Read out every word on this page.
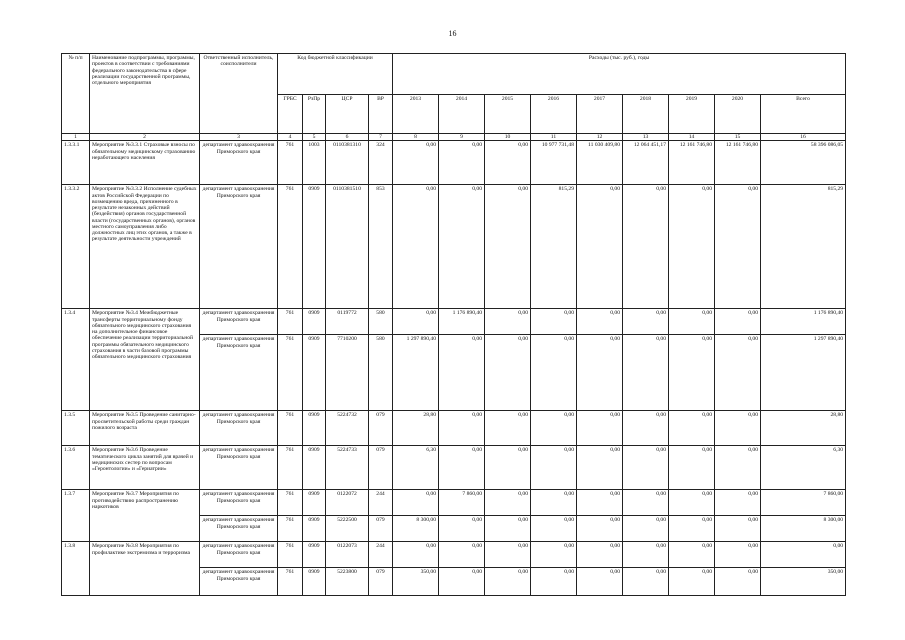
16
№ п/п	Наименование подпрограммы, программы, проектов в соответствии с требованиями федерального законодательства в сфере реализации государственной программы, отдельного мероприятия	Ответственный исполнитель, соисполнители	Код бюджетной классификации				Расходы (тыс. руб.), годы								
			ГРБС	РзПр	ЦСР	ВР	2013	2014	2015	2016	2017	2018	2019	2020	Всего
1	2	3	4	5	6	7	8	9	10	11	12	13	14	15	16
1.3.3.1	Мероприятие №3.3.1 Страховые взносы по обязательному медицинскому страхованию неработающего населения	департамент здравоохранения Приморского края	761	1003	0110381310	324	0,00	0,00	0,00	10 977 731,48	11 030 409,80	12 064 451,17	12 161 746,80	12 161 746,80	58 396 086,05
1.3.3.2	Мероприятие №3.3.2 Исполнение судебных актов Российской Федерации по возмещению вреда, причиненного в результате незаконных действий (бездействия) органов государственной власти (государственных органов), органов местного самоуправления либо должностных лиц этих органов, а также в результате деятельности учреждений	департамент здравоохранения Приморского края	761	0909	0110381510	853	0,00	0,00	0,00	815,29	0,00	0,00	0,00	0,00	815,29
1.3.4	Мероприятие №3.4 Межбюджетные трансферты территориальному фонду обязательного медицинского страхования на дополнительное финансовое обеспечение реализации территориальной программы обязательного медицинского страхования в части базовой программы обязательного медицинского страхования	департамент здравоохранения Приморского края	761	0909	0119772	580	0,00	1 176 890,40	0,00	0,00	0,00	0,00	0,00	0,00	1 176 890,40
		департамент здравоохранения Приморского края	761	0909	7710200	580	1 297 890,40	0,00	0,00	0,00	0,00	0,00	0,00	0,00	1 297 890,40
1.3.5	Мероприятие №3.5 Проведение санитарно-просветительской работы среди граждан пожилого возраста	департамент здравоохранения Приморского края	761	0909	5224732	079	28,80	0,00	0,00	0,00	0,00	0,00	0,00	0,00	28,80
1.3.6	Мероприятие №3.6 Проведение тематического цикла занятий для врачей и медицинских сестер по вопросам «Геронтологии» и «Гериатрии»	департамент здравоохранения Приморского края	761	0909	5224733	079	6,30	0,00	0,00	0,00	0,00	0,00	0,00	0,00	6,30
1.3.7	Мероприятие №3.7 Мероприятия по противодействию распространению наркотиков	департамент здравоохранения Приморского края	761	0909	0122072	244	0,00	7 860,00	0,00	0,00	0,00	0,00	0,00	0,00	7 860,00
		департамент здравоохранения Приморского края	761	0909	5222500	079	8 300,00	0,00	0,00	0,00	0,00	0,00	0,00	0,00	8 300,00
1.3.8	Мероприятие №3.8 Мероприятия по профилактике экстремизма и терроризма	департамент здравоохранения Приморского края	761	0909	0122073	244	0,00	0,00	0,00	0,00	0,00	0,00	0,00	0,00	0,00
		департамент здравоохранения Приморского края	761	0909	5223800	079	350,00	0,00	0,00	0,00	0,00	0,00	0,00	0,00	350,00
